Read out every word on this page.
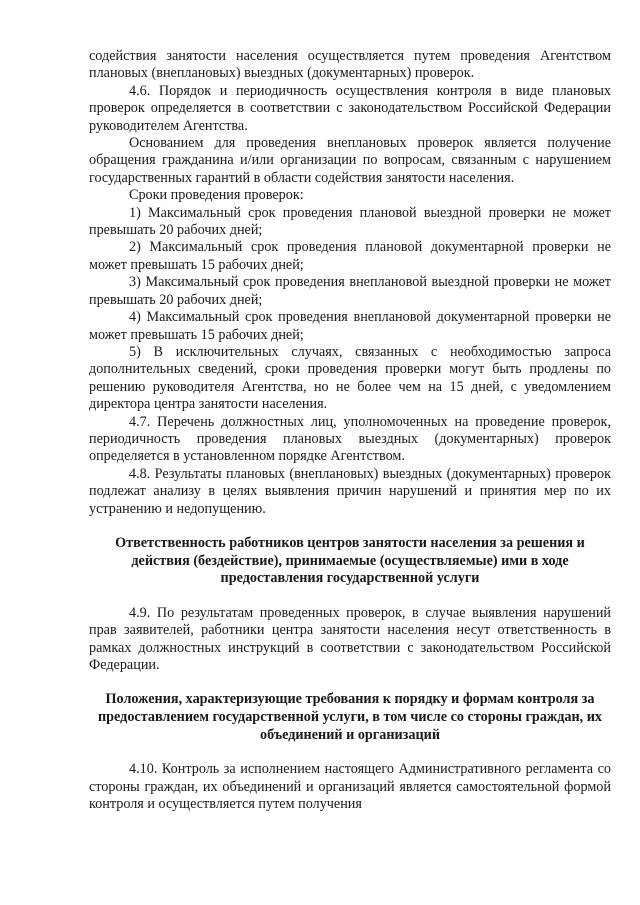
содействия занятости населения осуществляется путем проведения Агентством плановых (внеплановых) выездных (документарных) проверок.

4.6. Порядок и периодичность осуществления контроля в виде плановых проверок определяется в соответствии с законодательством Российской Федерации руководителем Агентства.

Основанием для проведения внеплановых проверок является получение обращения гражданина и/или организации по вопросам, связанным с нарушением государственных гарантий в области содействия занятости населения.

Сроки проведения проверок:

1) Максимальный срок проведения плановой выездной проверки не может превышать 20 рабочих дней;

2) Максимальный срок проведения плановой документарной проверки не может превышать 15 рабочих дней;

3) Максимальный срок проведения внеплановой выездной проверки не может превышать 20 рабочих дней;

4) Максимальный срок проведения внеплановой документарной проверки не может превышать 15 рабочих дней;

5) В исключительных случаях, связанных с необходимостью запроса дополнительных сведений, сроки проведения проверки могут быть продлены по решению руководителя Агентства, но не более чем на 15 дней, с уведомлением директора центра занятости населения.

4.7. Перечень должностных лиц, уполномоченных на проведение проверок, периодичность проведения плановых выездных (документарных) проверок определяется в установленном порядке Агентством.

4.8. Результаты плановых (внеплановых) выездных (документарных) проверок подлежат анализу в целях выявления причин нарушений и принятия мер по их устранению и недопущению.

Ответственность работников центров занятости населения за решения и действия (бездействие), принимаемые (осуществляемые) ими в ходе предоставления государственной услуги

4.9. По результатам проведенных проверок, в случае выявления нарушений прав заявителей, работники центра занятости населения несут ответственность в рамках должностных инструкций в соответствии с законодательством Российской Федерации.

Положения, характеризующие требования к порядку и формам контроля за предоставлением государственной услуги, в том числе со стороны граждан, их объединений и организаций

4.10. Контроль за исполнением настоящего Административного регламента со стороны граждан, их объединений и организаций является самостоятельной формой контроля и осуществляется путем получения
